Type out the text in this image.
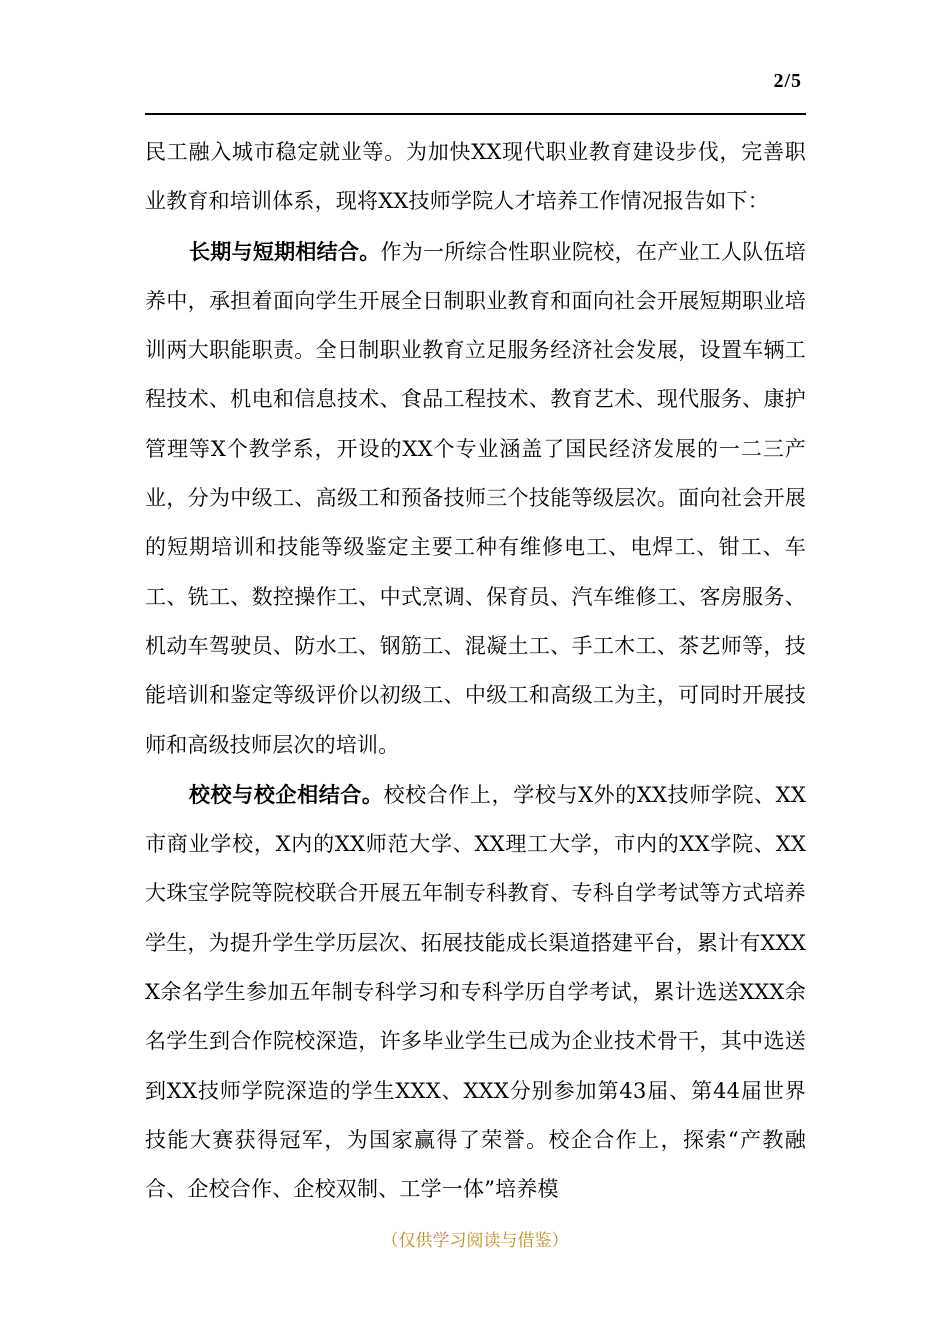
2/5

民工融入城市稳定就业等。为加快XX现代职业教育建设步伐，完善职业教育和培训体系，现将XX技师学院人才培养工作情况报告如下：

长期与短期相结合。作为一所综合性职业院校，在产业工人队伍培养中，承担着面向学生开展全日制职业教育和面向社会开展短期职业培训两大职能职责。全日制职业教育立足服务经济社会发展，设置车辆工程技术、机电和信息技术、食品工程技术、教育艺术、现代服务、康护管理等X个教学系，开设的XX个专业涵盖了国民经济发展的一二三产业，分为中级工、高级工和预备技师三个技能等级层次。面向社会开展的短期培训和技能等级鉴定主要工种有维修电工、电焊工、钳工、车工、铣工、数控操作工、中式烹调、保育员、汽车维修工、客房服务、机动车驾驶员、防水工、钢筋工、混凝土工、手工木工、茶艺师等，技能培训和鉴定等级评价以初级工、中级工和高级工为主，可同时开展技师和高级技师层次的培训。

校校与校企相结合。校校合作上，学校与X外的XX技师学院、XX市商业学校，X内的XX师范大学、XX理工大学，市内的XX学院、XX大珠宝学院等院校联合开展五年制专科教育、专科自学考试等方式培养学生，为提升学生学历层次、拓展技能成长渠道搭建平台，累计有XXXX余名学生参加五年制专科学习和专科学历自学考试，累计选送XXX余名学生到合作院校深造，许多毕业学生已成为企业技术骨干，其中选送到XX技师学院深造的学生XXX、XXX分别参加第43届、第44届世界技能大赛获得冠军，为国家赢得了荣誉。校企合作上，探索“产教融合、企校合作、企校双制、工学一体”培养模

（仅供学习阅读与借鉴）
